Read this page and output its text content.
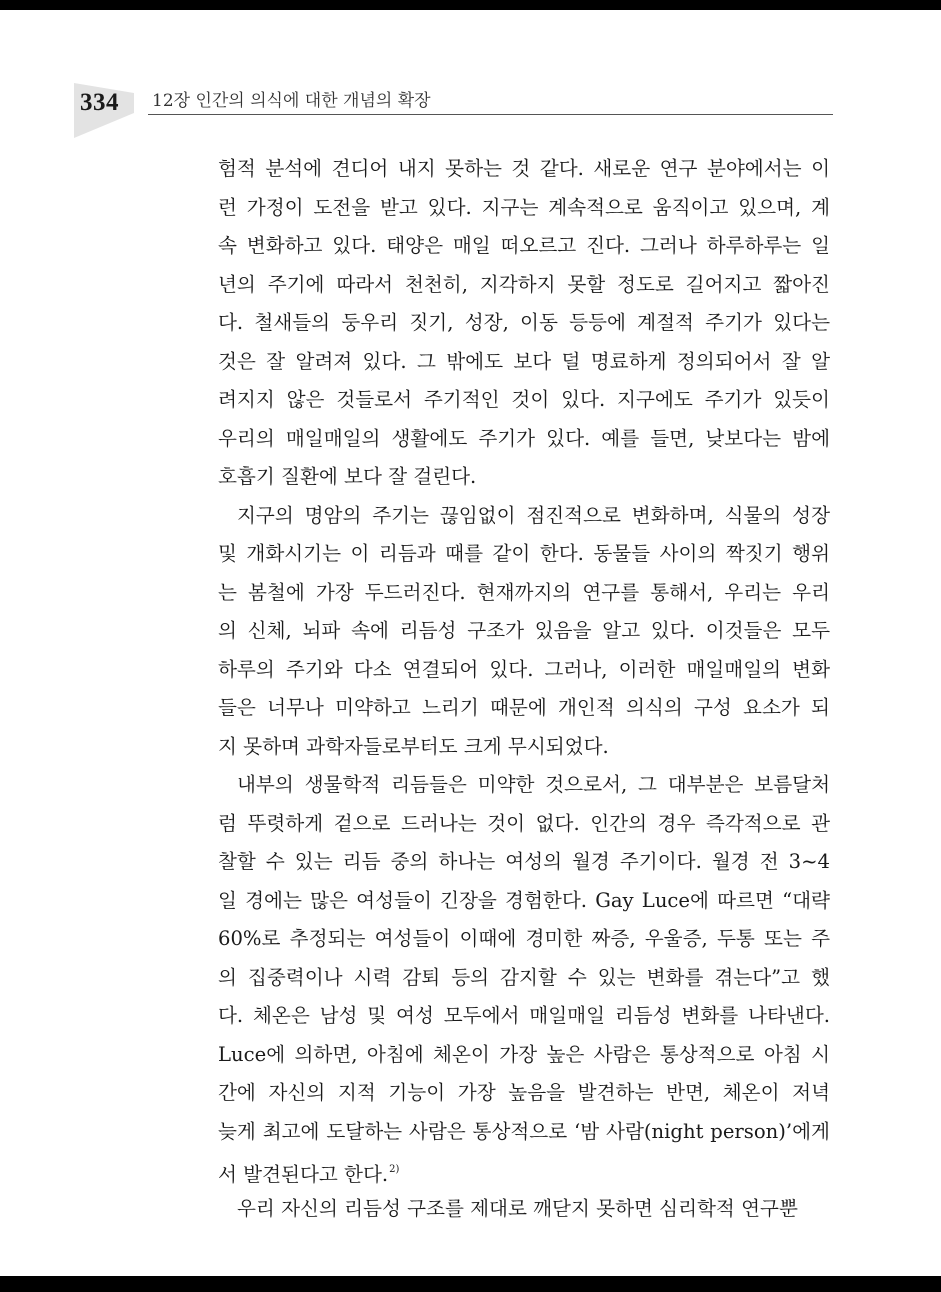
334 12장 인간의 의식에 대한 개념의 확장
험적 분석에 견디어 내지 못하는 것 같다. 새로운 연구 분야에서는 이
런 가정이 도전을 받고 있다. 지구는 계속적으로 움직이고 있으며, 계
속 변화하고 있다. 태양은 매일 떠오르고 진다. 그러나 하루하루는 일
년의 주기에 따라서 천천히, 지각하지 못할 정도로 길어지고 짧아진
다. 철새들의 둥우리 짓기, 성장, 이동 등등에 계절적 주기가 있다는
것은 잘 알려져 있다. 그 밖에도 보다 덜 명료하게 정의되어서 잘 알
려지지 않은 것들로서 주기적인 것이 있다. 지구에도 주기가 있듯이
우리의 매일매일의 생활에도 주기가 있다. 예를 들면, 낮보다는 밤에
호흡기 질환에 보다 잘 걸린다.
지구의 명암의 주기는 끊임없이 점진적으로 변화하며, 식물의 성장
및 개화시기는 이 리듬과 때를 같이 한다. 동물들 사이의 짝짓기 행위
는 봄철에 가장 두드러진다. 현재까지의 연구를 통해서, 우리는 우리
의 신체, 뇌파 속에 리듬성 구조가 있음을 알고 있다. 이것들은 모두
하루의 주기와 다소 연결되어 있다. 그러나, 이러한 매일매일의 변화
들은 너무나 미약하고 느리기 때문에 개인적 의식의 구성 요소가 되
지 못하며 과학자들로부터도 크게 무시되었다.
내부의 생물학적 리듬들은 미약한 것으로서, 그 대부분은 보름달처
럼 뚜렷하게 겉으로 드러나는 것이 없다. 인간의 경우 즉각적으로 관
찰할 수 있는 리듬 중의 하나는 여성의 월경 주기이다. 월경 전 3~4
일 경에는 많은 여성들이 긴장을 경험한다. Gay Luce에 따르면 “대략
60%로 추정되는 여성들이 이때에 경미한 짜증, 우울증, 두통 또는 주
의 집중력이나 시력 감퇴 등의 감지할 수 있는 변화를 겪는다”고 했
다. 체온은 남성 및 여성 모두에서 매일매일 리듬성 변화를 나타낸다.
Luce에 의하면, 아침에 체온이 가장 높은 사람은 통상적으로 아침 시
간에 자신의 지적 기능이 가장 높음을 발견하는 반면, 체온이 저녁
늦게 최고에 도달하는 사람은 통상적으로 ‘밤 사람(night person)’에게
서 발견된다고 한다.$^{2)}$
우리 자신의 리듬성 구조를 제대로 깨닫지 못하면 심리학적 연구뿐
